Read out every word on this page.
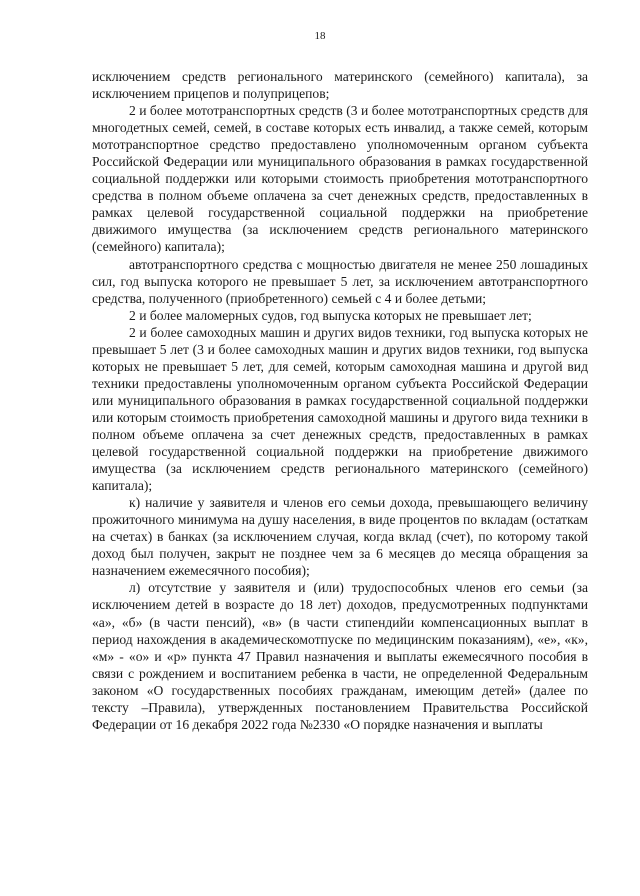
18

исключением средств регионального материнского (семейного) капитала), за исключением прицепов и полуприцепов;

2 и более мототранспортных средств (3 и более мототранспортных средств для многодетных семей, семей, в составе которых есть инвалид, а также семей, которым мототранспортное средство предоставлено уполномоченным органом субъекта Российской Федерации или муниципального образования в рамках государственной социальной поддержки или которыми стоимость приобретения мототранспортного средства в полном объеме оплачена за счет денежных средств, предоставленных в рамках целевой государственной социальной поддержки на приобретение движимого имущества (за исключением средств регионального материнского (семейного) капитала);

автотранспортного средства с мощностью двигателя не менее 250 лошадиных сил, год выпуска которого не превышает 5 лет, за исключением автотранспортного средства, полученного (приобретенного) семьей с 4 и более детьми;

2 и более маломерных судов, год выпуска которых не превышает лет;

2 и более самоходных машин и других видов техники, год выпуска которых не превышает 5 лет (3 и более самоходных машин и других видов техники, год выпуска которых не превышает 5 лет, для семей, которым самоходная машина и другой вид техники предоставлены уполномоченным органом субъекта Российской Федерации или муниципального образования в рамках государственной социальной поддержки или которым стоимость приобретения самоходной машины и другого вида техники в полном объеме оплачена за счет денежных средств, предоставленных в рамках целевой государственной социальной поддержки на приобретение движимого имущества (за исключением средств регионального материнского (семейного) капитала);

к) наличие у заявителя и членов его семьи дохода, превышающего величину прожиточного минимума на душу населения, в виде процентов по вкладам (остаткам на счетах) в банках (за исключением случая, когда вклад (счет), по которому такой доход был получен, закрыт не позднее чем за 6 месяцев до месяца обращения за назначением ежемесячного пособия);

л) отсутствие у заявителя и (или) трудоспособных членов его семьи (за исключением детей в возрасте до 18 лет) доходов, предусмотренных подпунктами «а», «б» (в части пенсий), «в» (в части стипендийи компенсационных выплат в период нахождения в академическомотпуске по медицинским показаниям), «е», «к», «м» - «о» и «р» пункта 47 Правил назначения и выплаты ежемесячного пособия в связи с рождением и воспитанием ребенка в части, не определенной Федеральным законом «О государственных пособиях гражданам, имеющим детей» (далее по тексту –Правила), утвержденных постановлением Правительства Российской Федерации от 16 декабря 2022 года №2330 «О порядке назначения и выплаты
